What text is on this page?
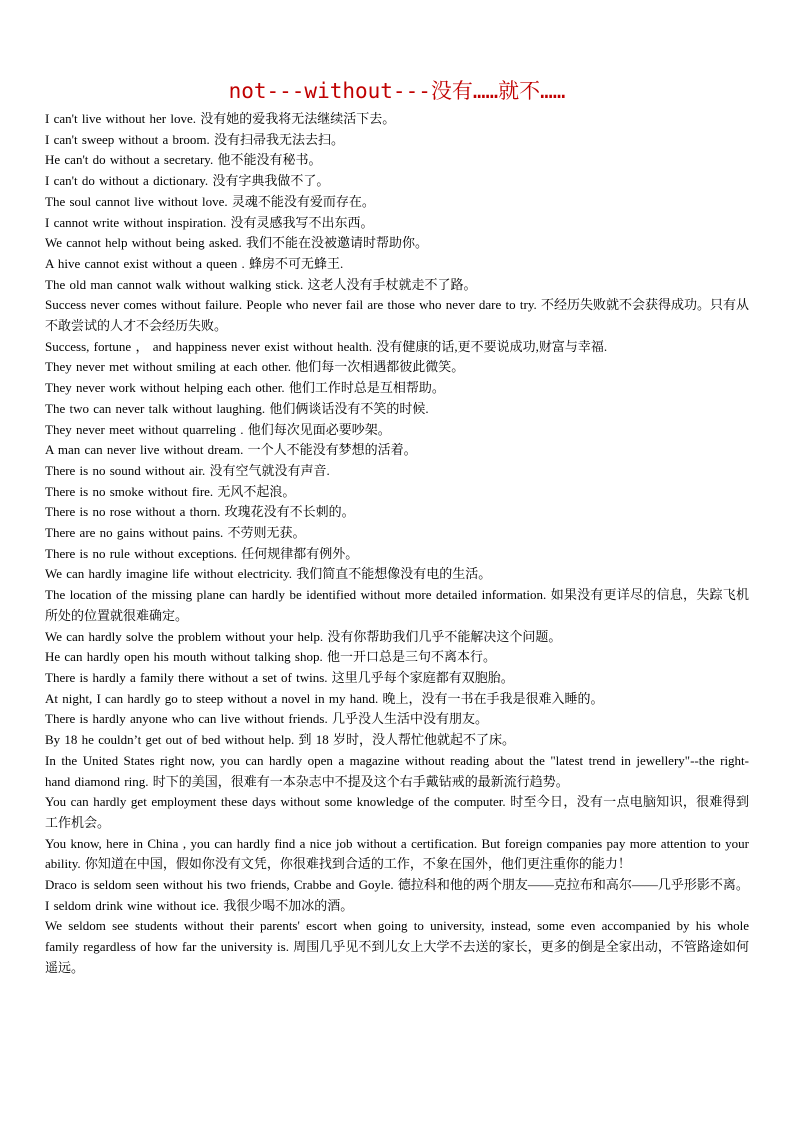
not---without---没有……就不……

I can't live without her love. 没有她的爱我将无法继续活下去。

I can't sweep without a broom. 没有扫帚我无法去扫。

He can't do without a secretary. 他不能没有秘书。

I can't do without a dictionary. 没有字典我做不了。

The soul cannot live without love. 灵魂不能没有爱而存在。

I cannot write without inspiration. 没有灵感我写不出东西。

We cannot help without being asked. 我们不能在没被邀请时帮助你。

A hive cannot exist without a queen . 蜂房不可无蜂王.

The old man cannot walk without walking stick. 这老人没有手杖就走不了路。

Success never comes without failure. People who never fail are those who never dare to try. 不经历失败就不会获得成功。只有从不敢尝试的人才不会经历失败。

Success, fortune ， and happiness never exist without health. 没有健康的话,更不要说成功,财富与幸福.

They never met without smiling at each other. 他们每一次相遇都彼此微笑。

They never work without helping each other. 他们工作时总是互相帮助。

The two can never talk without laughing. 他们俩谈话没有不笑的时候.

They never meet without quarreling . 他们每次见面必要吵架。

A man can never live without dream. 一个人不能没有梦想的活着。

There is no sound without air. 没有空气就没有声音.

There is no smoke without fire. 无风不起浪。

There is no rose without a thorn. 玫瑰花没有不长刺的。

There are no gains without pains. 不劳则无获。

There is no rule without exceptions. 任何规律都有例外。

We can hardly imagine life without electricity. 我们简直不能想像没有电的生活。

The location of the missing plane can hardly be identified without more detailed information. 如果没有更详尽的信息，失踪飞机所处的位置就很难确定。

We can hardly solve the problem without your help. 没有你帮助我们几乎不能解决这个问题。

He can hardly open his mouth without talking shop. 他一开口总是三句不离本行。

There is hardly a family there without a set of twins. 这里几乎每个家庭都有双胞胎。

At night, I can hardly go to steep without a novel in my hand. 晚上，没有一书在手我是很难入睡的。

There is hardly anyone who can live without friends. 几乎没人生活中没有朋友。

By 18 he couldn’t get out of bed without help. 到 18 岁时，没人帮忙他就起不了床。

In the United States right now, you can hardly open a magazine without reading about the "latest trend in jewellery"--the right-hand diamond ring. 时下的美国，很难有一本杂志中不提及这个右手戴钻戒的最新流行趋势。

You can hardly get employment these days without some knowledge of the computer. 时至今日，没有一点电脑知识，很难得到工作机会。

You know, here in China , you can hardly find a nice job without a certification. But foreign companies pay more attention to your ability. 你知道在中国，假如你没有文凭，你很难找到合适的工作，不象在国外，他们更注重你的能力！

Draco is seldom seen without his two friends, Crabbe and Goyle. 德拉科和他的两个朋友——克拉布和高尔——几乎形影不离。

I seldom drink wine without ice. 我很少喝不加冰的酒。

We seldom see students without their parents' escort when going to university, instead, some even accompanied by his whole family regardless of how far the university is. 周围几乎见不到儿女上大学不去送的家长，更多的倒是全家出动，不管路途如何遥远。
